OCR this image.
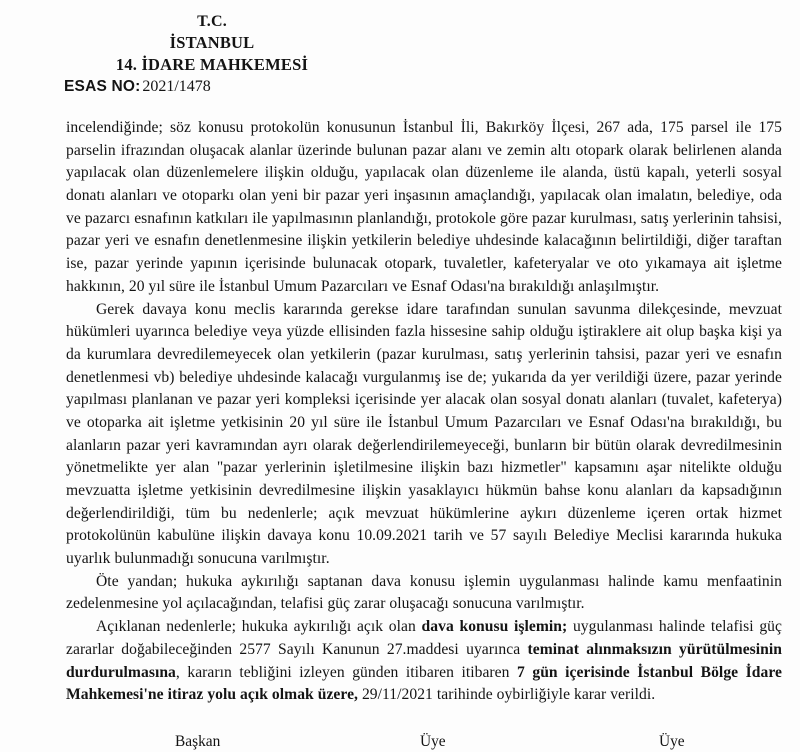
T.C.
İSTANBUL
14. İDARE MAHKEMESİ
ESAS NO: 2021/1478

incelendiğinde; söz konusu protokolün konusunun İstanbul İli, Bakırköy İlçesi, 267 ada, 175 parsel ile 175 parselin ifrazından oluşacak alanlar üzerinde bulunan pazar alanı ve zemin altı otopark olarak belirlenen alanda yapılacak olan düzenlemelere ilişkin olduğu, yapılacak olan düzenleme ile alanda, üstü kapalı, yeterli sosyal donatı alanları ve otoparkı olan yeni bir pazar yeri inşasının amaçlandığı, yapılacak olan imalatın, belediye, oda ve pazarcı esnafının katkıları ile yapılmasının planlandığı, protokole göre pazar kurulması, satış yerlerinin tahsisi, pazar yeri ve esnafın denetlenmesine ilişkin yetkilerin belediye uhdesinde kalacağının belirtildiği, diğer taraftan ise, pazar yerinde yapının içerisinde bulunacak otopark, tuvaletler, kafeteryalar ve oto yıkamaya ait işletme hakkının, 20 yıl süre ile İstanbul Umum Pazarcıları ve Esnaf Odası'na bırakıldığı anlaşılmıştır.

Gerek davaya konu meclis kararında gerekse idare tarafından sunulan savunma dilekçesinde, mevzuat hükümleri uyarınca belediye veya yüzde ellisinden fazla hissesine sahip olduğu iştiraklere ait olup başka kişi ya da kurumlara devredilemeyecek olan yetkilerin (pazar kurulması, satış yerlerinin tahsisi, pazar yeri ve esnafın denetlenmesi vb) belediye uhdesinde kalacağı vurgulanmış ise de; yukarıda da yer verildiği üzere, pazar yerinde yapılması planlanan ve pazar yeri kompleksi içerisinde yer alacak olan sosyal donatı alanları (tuvalet, kafeterya) ve otoparka ait işletme yetkisinin 20 yıl süre ile İstanbul Umum Pazarcıları ve Esnaf Odası'na bırakıldığı, bu alanların pazar yeri kavramından ayrı olarak değerlendirilemeyeceği, bunların bir bütün olarak devredilmesinin yönetmelikte yer alan "pazar yerlerinin işletilmesine ilişkin bazı hizmetler" kapsamını aşar nitelikte olduğu mevzuatta işletme yetkisinin devredilmesine ilişkin yasaklayıcı hükmün bahse konu alanları da kapsadığının değerlendirildiği, tüm bu nedenlerle; açık mevzuat hükümlerine aykırı düzenleme içeren ortak hizmet protokolünün kabulüne ilişkin davaya konu 10.09.2021 tarih ve 57 sayılı Belediye Meclisi kararında hukuka uyarlık bulunmadığı sonucuna varılmıştır.

Öte yandan; hukuka aykırılığı saptanan dava konusu işlemin uygulanması halinde kamu menfaatinin zedelenmesine yol açılacağından, telafisi güç zarar oluşacağı sonucuna varılmıştır.

Açıklanan nedenlerle; hukuka aykırılığı açık olan dava konusu işlemin; uygulanması halinde telafisi güç zararlar doğabileceğinden 2577 Sayılı Kanunun 27.maddesi uyarınca teminat alınmaksızın yürütülmesinin durdurulmasına, kararın tebliğini izleyen günden itibaren itibaren 7 gün içerisinde İstanbul Bölge İdare Mahkemesi'ne itiraz yolu açık olmak üzere, 29/11/2021 tarihinde oybirliğiyle karar verildi.

Başkan	Üye	Üye
